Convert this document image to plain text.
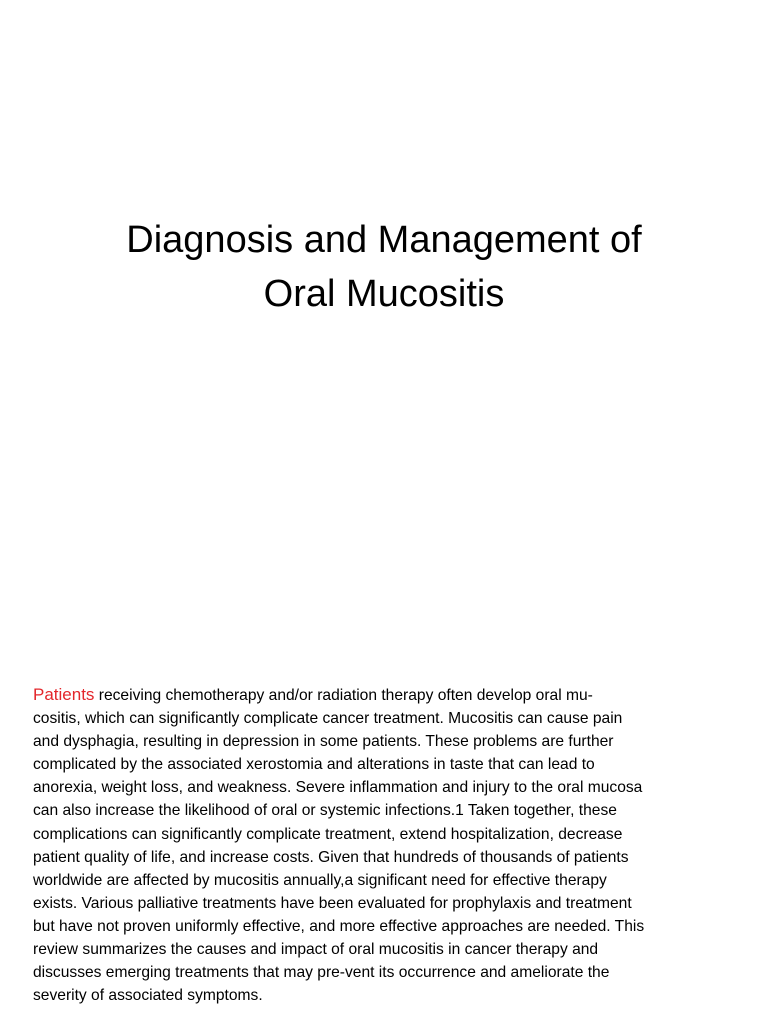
Diagnosis and Management of
Oral Mucositis
Patients receiving chemotherapy and/or radiation therapy often develop oral mu-
cositis, which can significantly complicate cancer treatment. Mucositis can cause pain
and dysphagia, resulting in depression in some patients. These problems are further
complicated by the associated xerostomia and alterations in taste that can lead to
anorexia, weight loss, and weakness. Severe inflammation and injury to the oral mucosa
can also increase the likelihood of oral or systemic infections.1 Taken together, these
complications can significantly complicate treatment, extend hospitalization, decrease
patient quality of life, and increase costs. Given that hundreds of thousands of patients
worldwide are affected by mucositis annually,a significant need for effective therapy
exists. Various palliative treatments have been evaluated for prophylaxis and treatment
but have not proven uniformly effective, and more effective approaches are needed. This
review summarizes the causes and impact of oral mucositis in cancer therapy and
discusses emerging treatments that may pre-vent its occurrence and ameliorate the
severity of associated symptoms.
